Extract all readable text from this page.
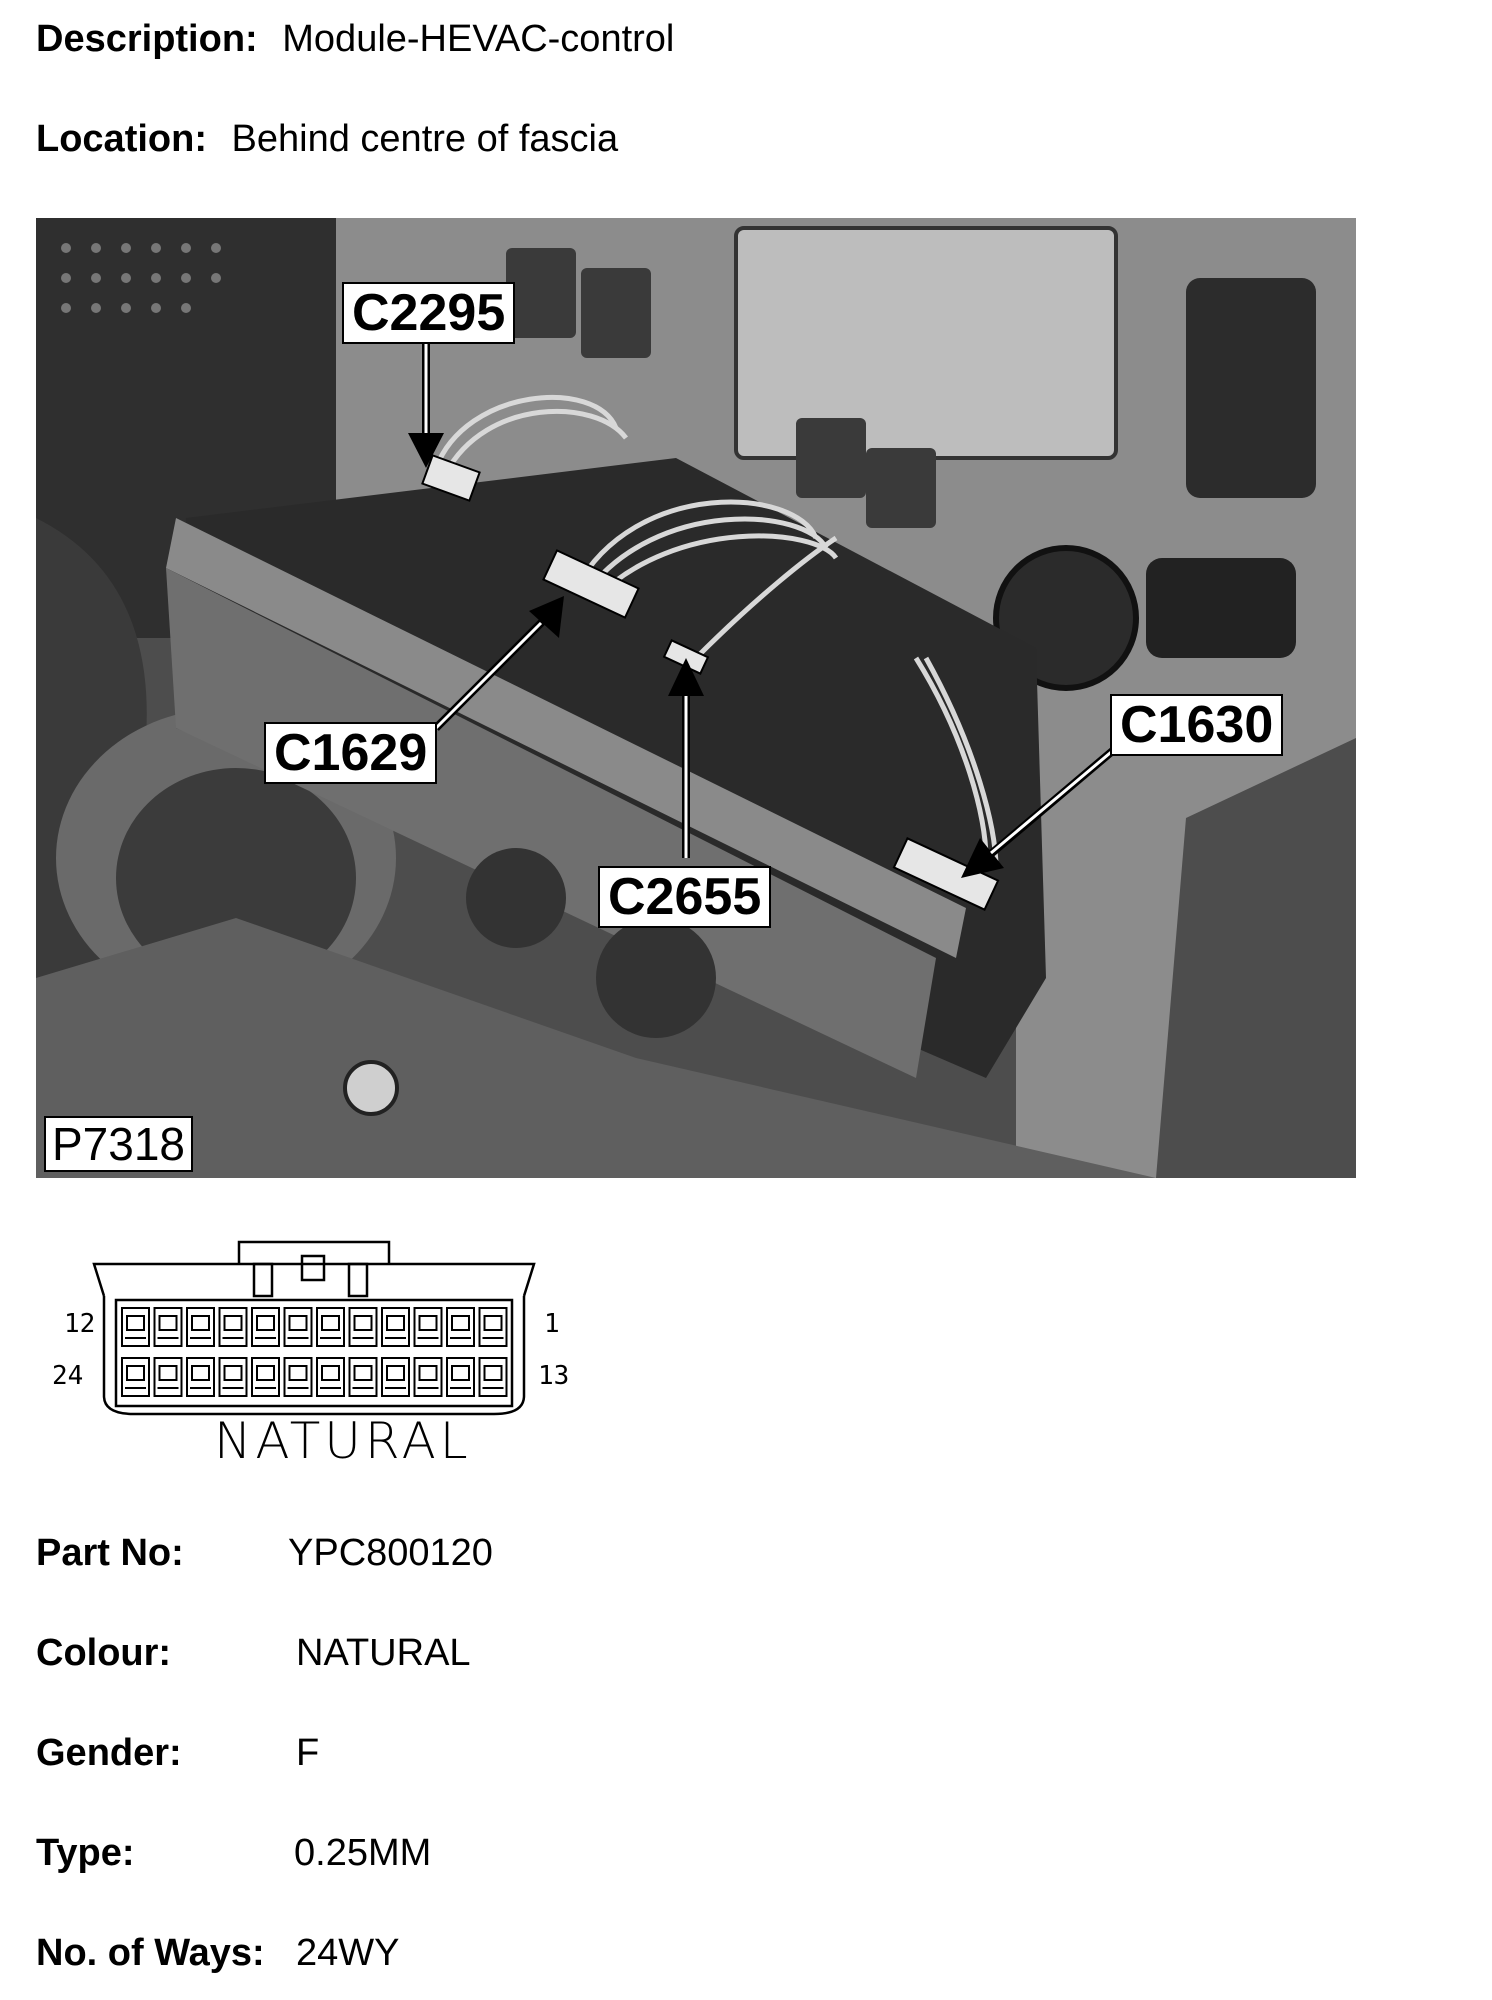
Description: Module-HEVAC-control
Location: Behind centre of fascia
C2295
C1629
C2655
C1630
P7318
12	1
24	13
NATURAL
Part No:	YPC800120
Colour:	NATURAL
Gender:	F
Type:	0.25MM
No. of Ways: 24WY
